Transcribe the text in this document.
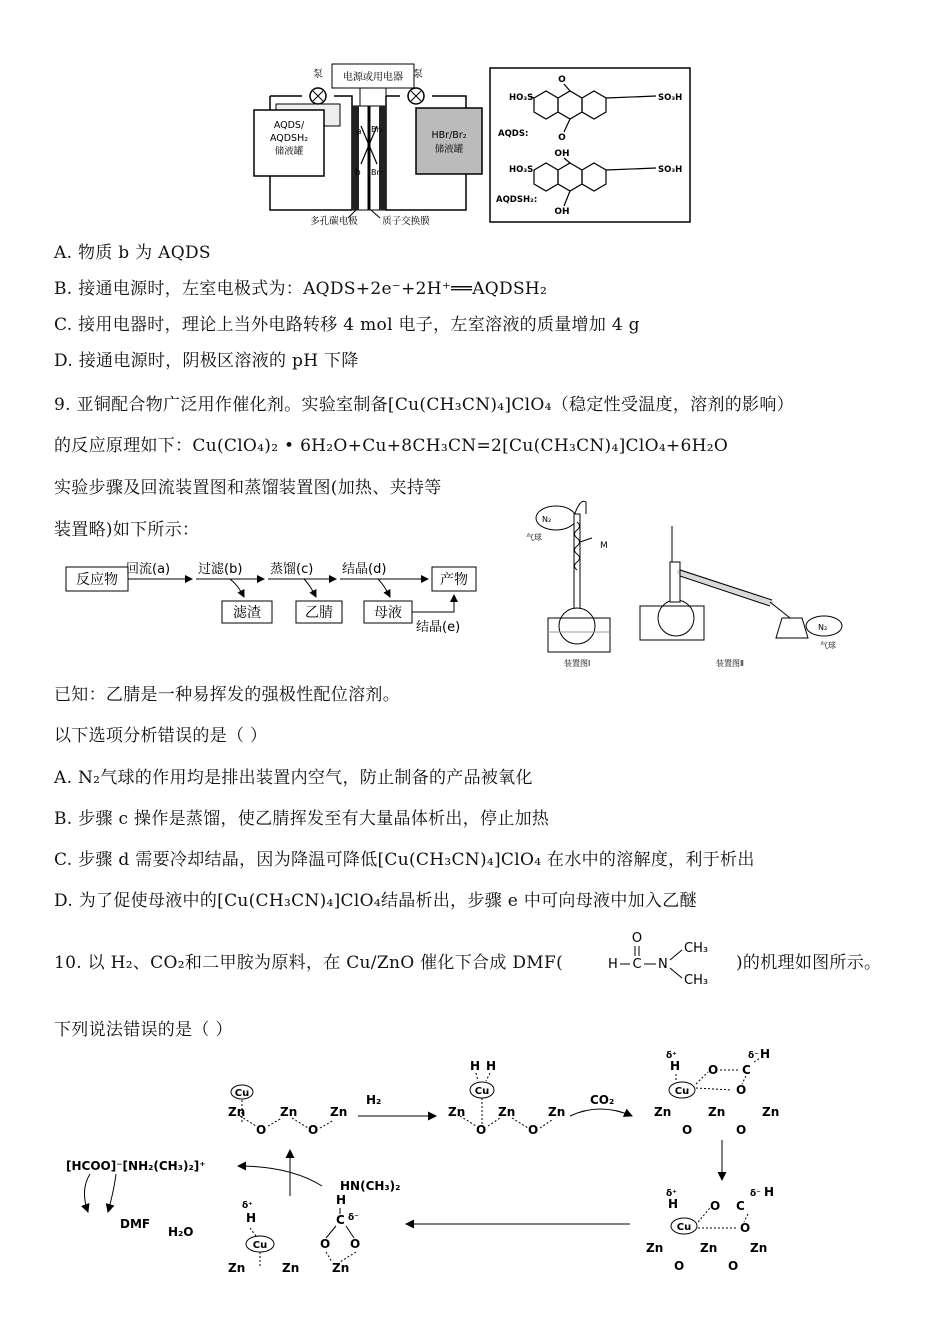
电源或用电器
泵	泵
a
b
Br₂
Br⁻
AQDS/
AQDSH₂
储液罐
HBr/Br₂
储液罐
多孔碳电极	质子交换膜
O
O
HO₃S	SO₃H
AQDS:
OH
OH
HO₃S	SO₃H
AQDSH₂:
A. 物质 b 为 AQDS
B. 接通电源时，左室电极式为：AQDS+2e⁻+2H⁺══AQDSH₂
C. 接用电器时，理论上当外电路转移 4 mol 电子，左室溶液的质量增加 4 g
D. 接通电源时，阴极区溶液的 pH 下降
9. 亚铜配合物广泛用作催化剂。实验室制备[Cu(CH₃CN)₄]ClO₄（稳定性受温度，溶剂的影响）
的反应原理如下：Cu(ClO₄)₂ • 6H₂O+Cu+8CH₃CN=2[Cu(CH₃CN)₄]ClO₄+6H₂O
实验步骤及回流装置图和蒸馏装置图(加热、夹持等
装置略)如下所示：
反应物
回流(a) 过滤(b)
滤渣
蒸馏(c)
乙腈
结晶(d)
母液
产物
结晶(e)
N₂
气球
M
装置图Ⅰ
N₂
气球
装置图Ⅱ
已知：乙腈是一种易挥发的强极性配位溶剂。
以下选项分析错误的是（ ）
A. N₂气球的作用均是排出装置内空气，防止制备的产品被氧化
B. 步骤 c 操作是蒸馏，使乙腈挥发至有大量晶体析出，停止加热
C. 步骤 d 需要冷却结晶，因为降温可降低[Cu(CH₃CN)₄]ClO₄ 在水中的溶解度，利于析出
D. 为了促使母液中的[Cu(CH₃CN)₄]ClO₄结晶析出，步骤 e 中可向母液中加入乙醚
10. 以 H₂、CO₂和二甲胺为原料，在 Cu/ZnO 催化下合成 DMF(
O
H C N
CH₃
CH₃
)的机理如图所示。
下列说法错误的是（ ）
Cu
Zn	Zn	Zn
O	O
H₂
H H
Cu
Zn	Zn	Zn
O	O
CO₂
δ⁺
H
δ⁻ H
C
O
O
Cu
Zn	Zn	Zn
O	O
δ⁺
H
δ⁻ H
C
O
O
Cu
Zn	Zn	Zn
O	O
δ⁺
H
Cu
H
C δ⁻
O O
Zn	Zn	Zn
HN(CH₃)₂
[HCOO]⁻[NH₂(CH₃)₂]⁺
DMF
H₂O
